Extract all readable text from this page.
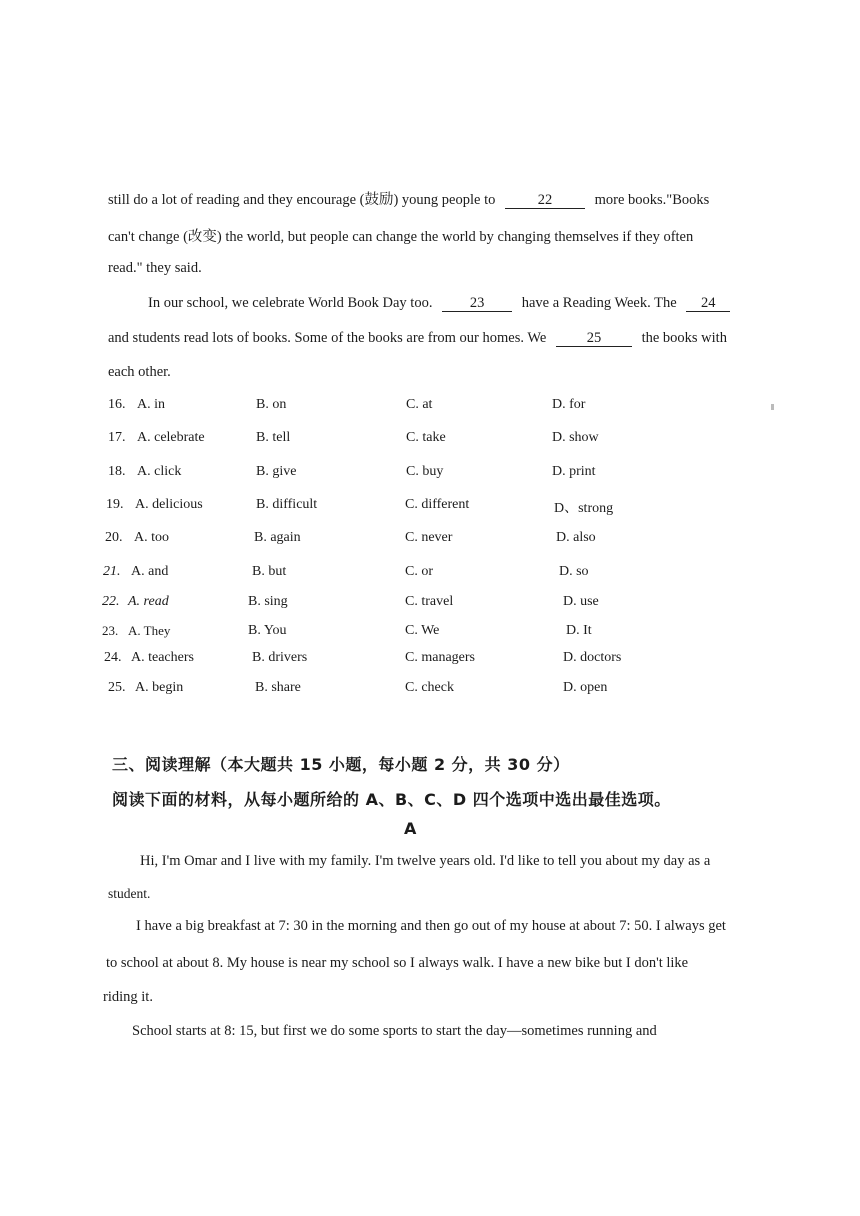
still do a lot of reading and they encourage (鼓励) young people to	22	more books."Books
can't change (改变) the world, but people can change the world by changing themselves if they often
read." they said.
In our school, we celebrate World Book Day too.	23	have a Reading Week. The 24
and students read lots of books. Some of the books are from our homes. We	25	the books with
each other.
16. A. in	B. on	C. at	D. for
17. A. celebrate	B. tell	C. take	D. show
18. A. click	B. give	C. buy	D. print
19. A. delicious	B. difficult	C. different	D、strong
20. A. too	B. again	C. never	D. also
21. A. and	B. but	C. or	D. so
22. A. read	B. sing	C. travel	D. use
23. A. They	B. You	C. We	D. It
24. A. teachers	B. drivers	C. managers	D. doctors
25. A. begin	B. share	C. check	D. open
三、阅读理解（本大题共 15 小题，每小题 2 分，共 30 分）
阅读下面的材料，从每小题所给的 A、B、C、D 四个选项中选出最佳选项。
A
Hi, I'm Omar and I live with my family. I'm twelve years old. I'd like to tell you about my day as a
student.
I have a big breakfast at 7: 30 in the morning and then go out of my house at about 7: 50. I always get
to school at about 8. My house is near my school so I always walk. I have a new bike but I don't like
riding it.
School starts at 8: 15, but first we do some sports to start the day—sometimes running and
